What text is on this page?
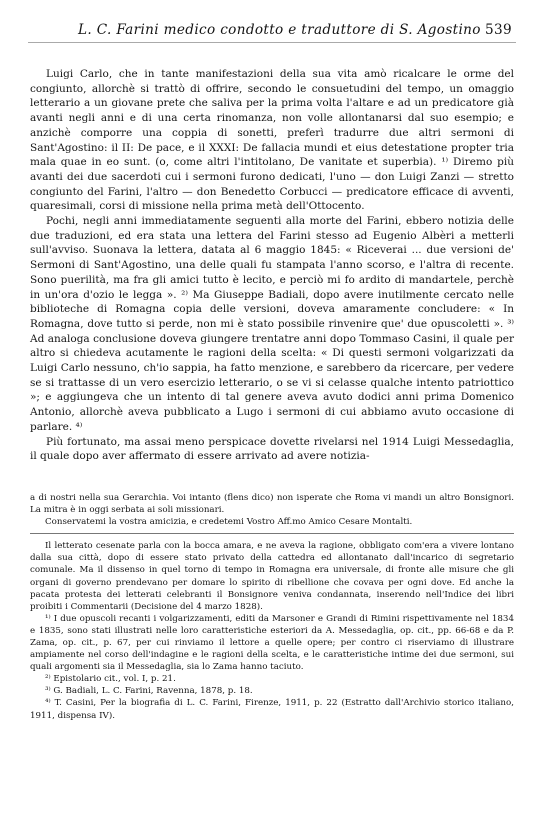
L. C. Farini medico condotto e traduttore di S. Agostino 539

Luigi Carlo, che in tante manifestazioni della sua vita amò ricalcare le orme del congiunto, allorchè si trattò di offrire, secondo le consuetudini del tempo, un omaggio letterario a un giovane prete che saliva per la prima volta l'altare e ad un predicatore già avanti negli anni e di una certa rinomanza, non volle allontanarsi dal suo esempio; e anzichè comporre una coppia di sonetti, preferì tradurre due altri sermoni di Sant'Agostino: il II: De pace, e il XXXI: De fallacia mundi et eius detestatione propter tria mala quae in eo sunt. (o, come altri l'intitolano, De vanitate et superbia). ¹⁾ Diremo più avanti dei due sacerdoti cui i sermoni furono dedicati, l'uno — don Luigi Zanzi — stretto congiunto del Farini, l'altro — don Benedetto Corbucci — predicatore efficace di avventi, quaresimali, corsi di missione nella prima metà dell'Ottocento.

Pochi, negli anni immediatamente seguenti alla morte del Farini, ebbero notizia delle due traduzioni, ed era stata una lettera del Farini stesso ad Eugenio Albèri a metterli sull'avviso. Suonava la lettera, datata al 6 maggio 1845: « Riceverai ... due versioni de' Sermoni di Sant'Agostino, una delle quali fu stampata l'anno scorso, e l'altra di recente. Sono puerilità, ma fra gli amici tutto è lecito, e perciò mi fo ardito di mandartele, perchè in un'ora d'ozio le legga ». ²⁾ Ma Giuseppe Badiali, dopo avere inutilmente cercato nelle biblioteche di Romagna copia delle versioni, doveva amaramente concludere: « In Romagna, dove tutto si perde, non mi è stato possibile rinvenire que' due opuscoletti ». ³⁾ Ad analoga conclusione doveva giungere trentatre anni dopo Tommaso Casini, il quale per altro si chiedeva acutamente le ragioni della scelta: « Di questi sermoni volgarizzati da Luigi Carlo nessuno, ch'io sappia, ha fatto menzione, e sarebbero da ricercare, per vedere se si trattasse di un vero esercizio letterario, o se vi si celasse qualche intento patriottico »; e aggiungeva che un intento di tal genere aveva avuto dodici anni prima Domenico Antonio, allorchè aveva pubblicato a Lugo i sermoni di cui abbiamo avuto occasione di parlare. ⁴⁾

Più fortunato, ma assai meno perspicace dovette rivelarsi nel 1914 Luigi Messedaglia, il quale dopo aver affermato di essere arrivato ad avere notizia-

a di nostri nella sua Gerarchia. Voi intanto (flens dico) non isperate che Roma vi mandi un altro Bonsignori. La mitra è in oggi serbata ai soli missionari.

Conservatemi la vostra amicizia, e credetemi Vostro Aff.mo Amico Cesare Montalti.

Il letterato cesenate parla con la bocca amara, e ne aveva la ragione, obbligato com'era a vivere lontano dalla sua città, dopo di essere stato privato della cattedra ed allontanato dall'incarico di segretario comunale. Ma il dissenso in quel torno di tempo in Romagna era universale, di fronte alle misure che gli organi di governo prendevano per domare lo spirito di ribellione che covava per ogni dove. Ed anche la pacata protesta dei letterati celebranti il Bonsignore veniva condannata, inserendo nell'Indice dei libri proibiti i Commentarii (Decisione del 4 marzo 1828).

¹⁾ I due opuscoli recanti i volgarizzamenti, editi da Marsoner e Grandi di Rimini rispettivamente nel 1834 e 1835, sono stati illustrati nelle loro caratteristiche esteriori da A. Messedaglia, op. cit., pp. 66-68 e da P. Zama, op. cit., p. 67, per cui rinviamo il lettore a quelle opere; per contro ci riserviamo di illustrare ampiamente nel corso dell'indagine e le ragioni della scelta, e le caratteristiche intime dei due sermoni, sui quali argomenti sia il Messedaglia, sia lo Zama hanno taciuto.

²⁾ Epistolario cit., vol. I, p. 21.

³⁾ G. Badiali, L. C. Farini, Ravenna, 1878, p. 18.

⁴⁾ T. Casini, Per la biografia di L. C. Farini, Firenze, 1911, p. 22 (Estratto dall'Archivio storico italiano, 1911, dispensa IV).
